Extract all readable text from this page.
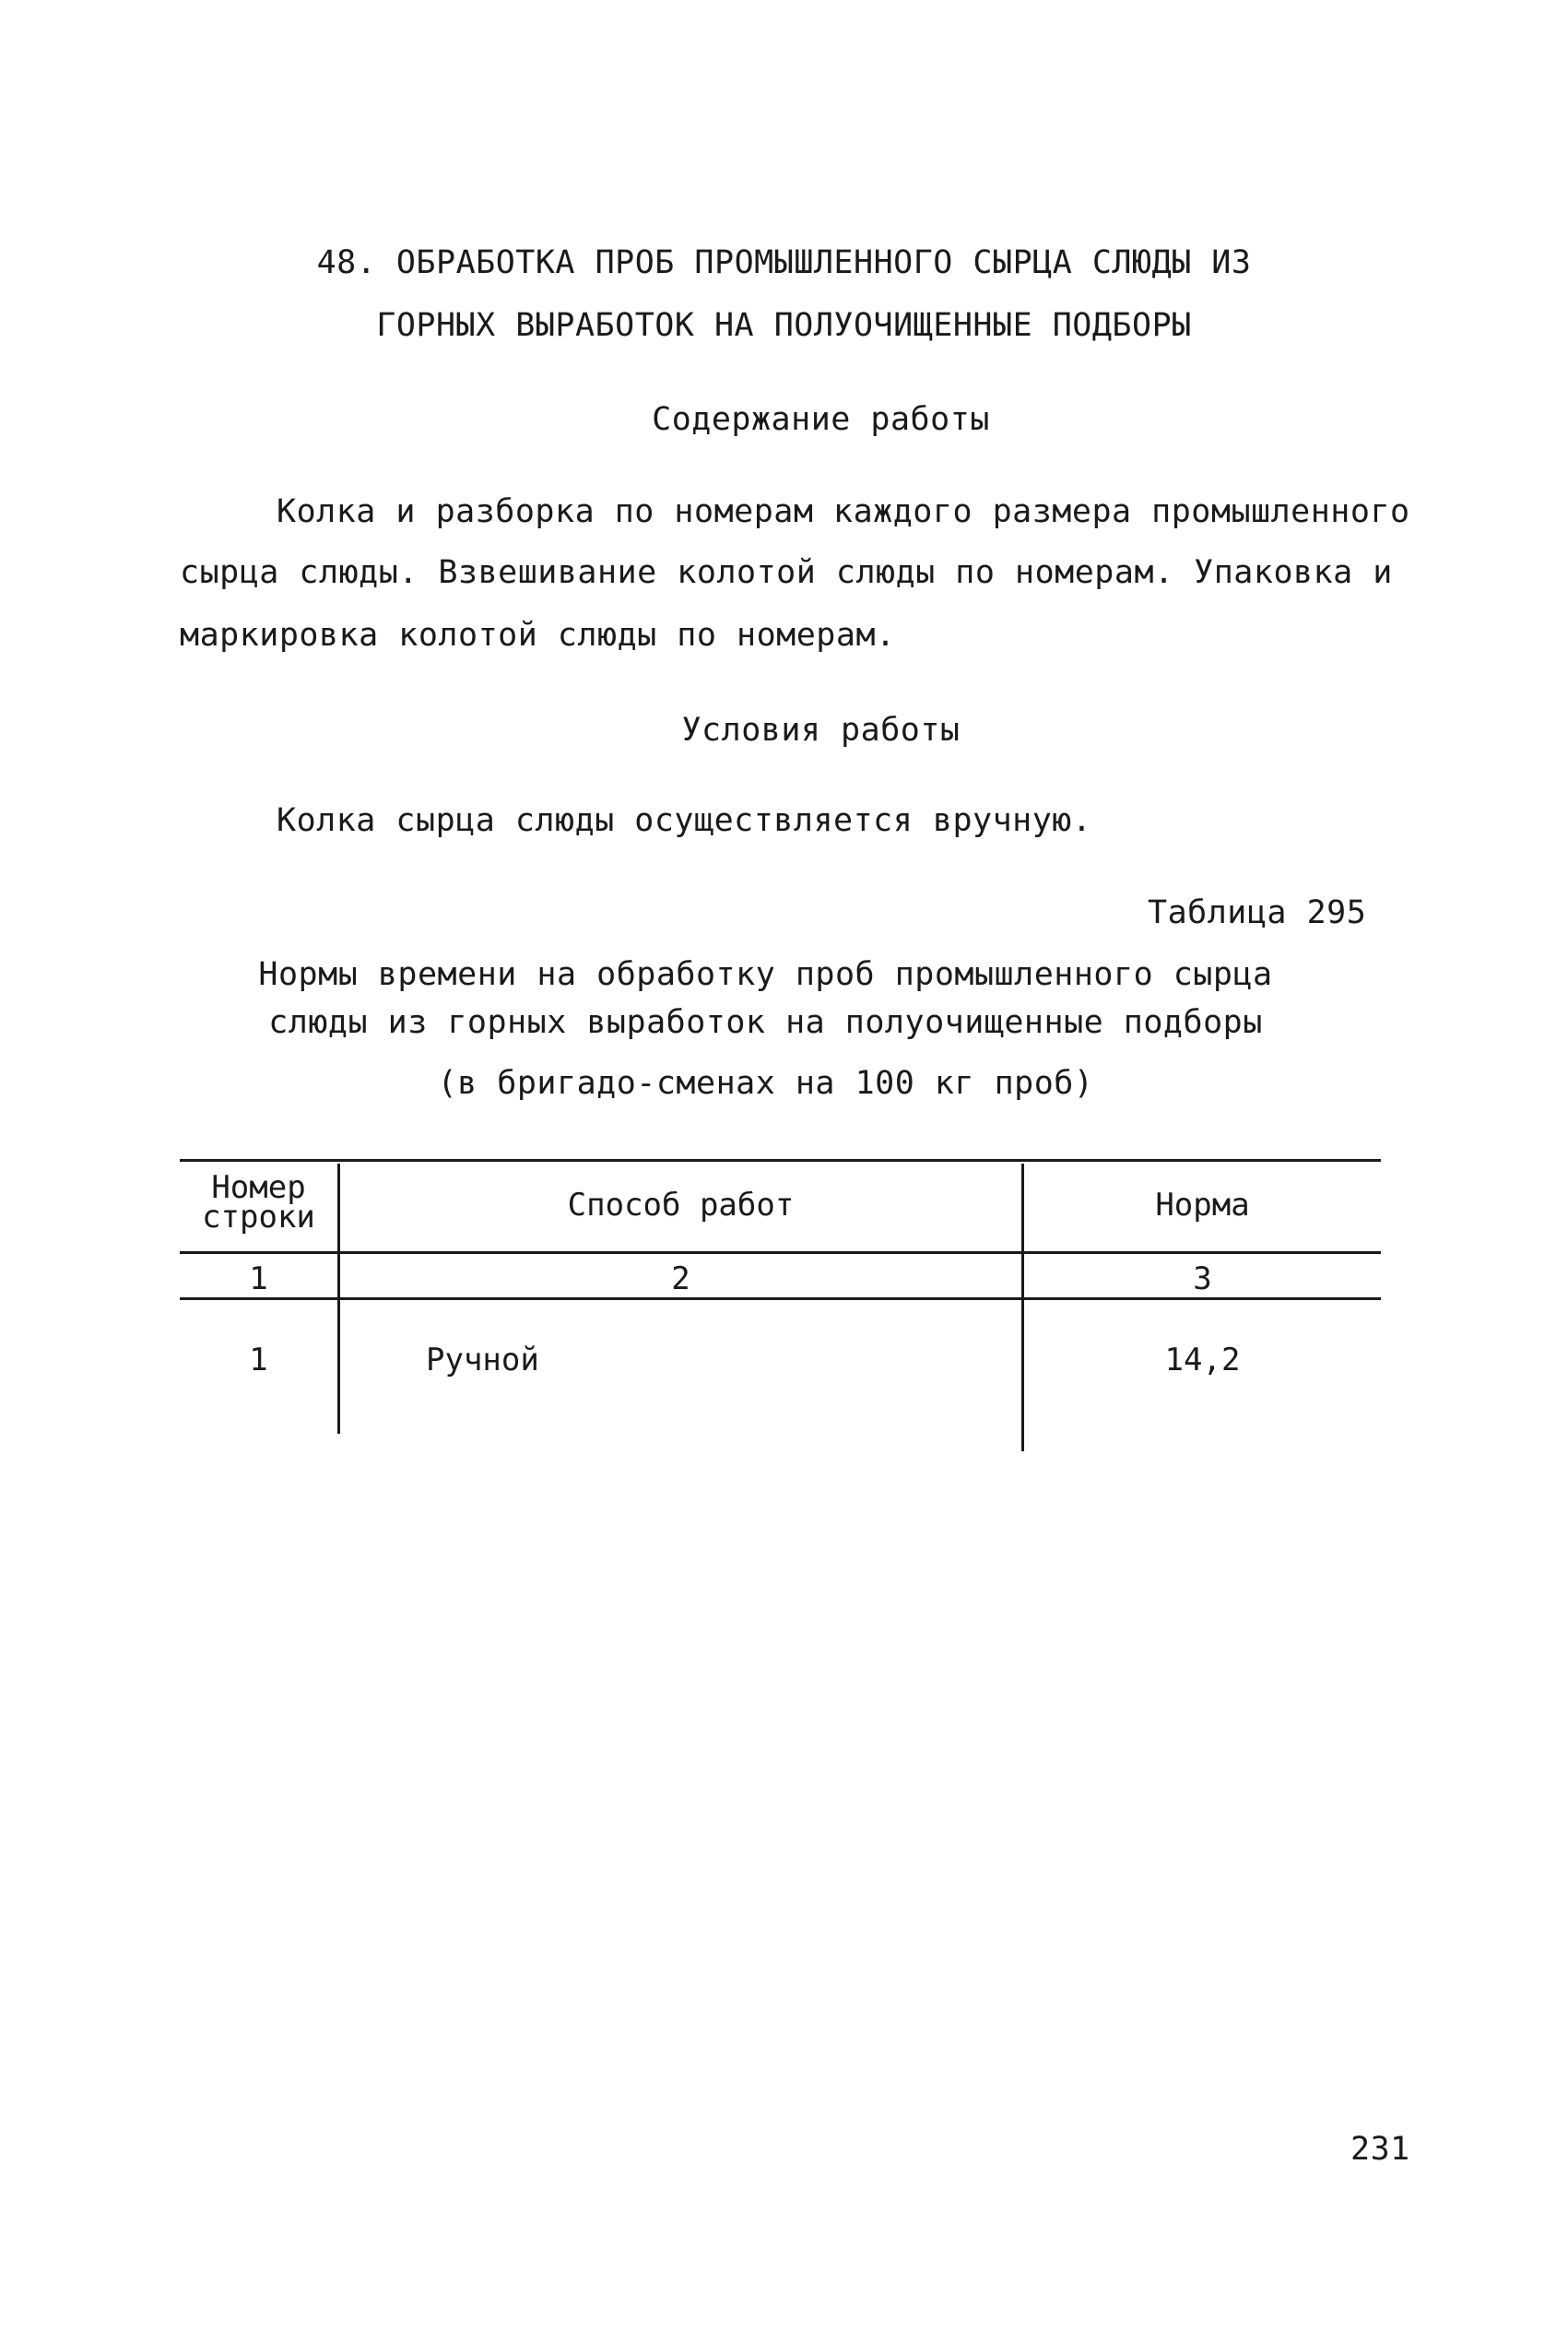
48. ОБРАБОТКА ПРОБ ПРОМЫШЛЕННОГО СЫРЦА СЛЮДЫ ИЗ
ГОРНЫХ ВЫРАБОТОК НА ПОЛУОЧИЩЕННЫЕ ПОДБОРЫ
Содержание работы
Колка и разборка по номерам каждого размера промышленного
сырца слюды. Взвешивание колотой слюды по номерам. Упаковка и
маркировка колотой слюды по номерам.
Условия работы
Колка сырца слюды осуществляется вручную.
Таблица 295
Нормы времени на обработку проб промышленного сырца
слюды из горных выработок на полуочищенные подборы
(в бригадо-сменах на 100 кг проб)
Номер
строки	Способ работ	Норма
1	2	3
1	Ручной	14,2
231
